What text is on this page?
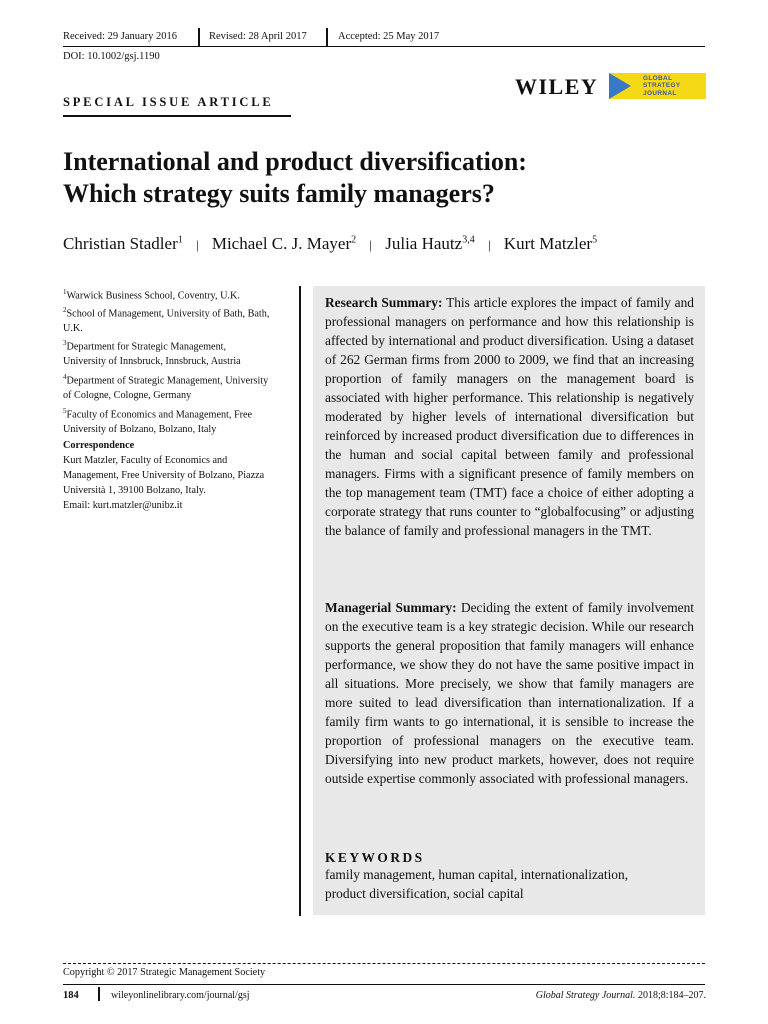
Received: 29 January 2016	Revised: 28 April 2017	Accepted: 25 May 2017
DOI: 10.1002/gsj.1190
WILEY	GLOBAL
STRATEGY
JOURNAL
SPECIAL ISSUE ARTICLE
International and product diversification:
Which strategy suits family managers?
Christian Stadler$^1$ | Michael C. J. Mayer$^2$ | Julia Hautz$^{3,4}$ | Kurt Matzler$^5$
$^1$Warwick Business School, Coventry, U.K.
$^2$School of Management, University of Bath, Bath,
U.K.
$^3$Department for Strategic Management,
University of Innsbruck, Innsbruck, Austria
$^4$Department of Strategic Management, University
of Cologne, Cologne, Germany
$^5$Faculty of Economics and Management, Free
University of Bolzano, Bolzano, Italy
Correspondence
Kurt Matzler, Faculty of Economics and
Management, Free University of Bolzano, Piazza
Università 1, 39100 Bolzano, Italy.
Email: kurt.matzler@unibz.it
Research Summary: This article explores the impact of family and professional managers on performance and how this relationship is affected by international and product diversification. Using a dataset of 262 German firms from 2000 to 2009, we find that an increasing proportion of family managers on the management board is associated with higher performance. This relationship is negatively moderated by higher levels of international diversification but reinforced by increased product diversification due to differences in the human and social capital between family and professional managers. Firms with a significant presence of family members on the top management team (TMT) face a choice of either adopting a corporate strategy that runs counter to “globalfocusing” or adjusting the balance of family and professional managers in the TMT.
Managerial Summary: Deciding the extent of family involvement on the executive team is a key strategic decision. While our research supports the general proposition that family managers will enhance performance, we show they do not have the same positive impact in all situations. More precisely, we show that family managers are more suited to lead diversification than internationalization. If a family firm wants to go international, it is sensible to increase the proportion of professional managers on the executive team. Diversifying into new product markets, however, does not require outside expertise commonly associated with professional managers.
KEYWORDS
family management, human capital, internationalization,
product diversification, social capital
Copyright © 2017 Strategic Management Society
184	wileyonlinelibrary.com/journal/gsj	Global Strategy Journal. 2018;8:184–207.
